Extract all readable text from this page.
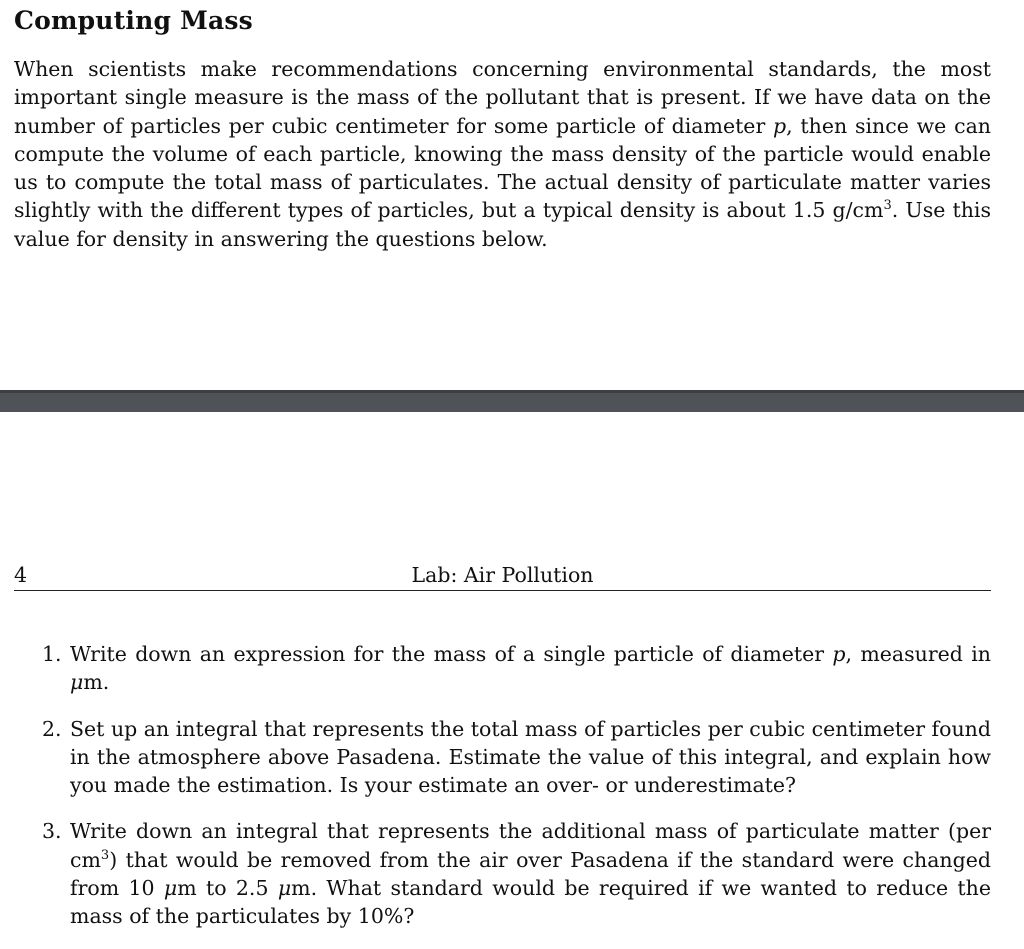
Computing Mass

When scientists make recommendations concerning environmental standards, the most important single measure is the mass of the pollutant that is present. If we have data on the number of particles per cubic centimeter for some particle of diameter p, then since we can compute the volume of each particle, knowing the mass density of the particle would enable us to compute the total mass of particulates. The actual density of particulate matter varies slightly with the different types of particles, but a typical density is about 1.5 $g/cm^3$. Use this value for density in answering the questions below.

4	Lab: Air Pollution
1. Write down an expression for the mass of a single particle of diameter p, measured in μm.
2. Set up an integral that represents the total mass of particles per cubic centimeter found in the atmosphere above Pasadena. Estimate the value of this integral, and explain how you made the estimation. Is your estimate an over- or underestimate?
3. Write down an integral that represents the additional mass of particulate matter (per $cm^3$) that would be removed from the air over Pasadena if the standard were changed from 10 μm to 2.5 μm. What standard would be required if we wanted to reduce the mass of the particulates by 10%?
